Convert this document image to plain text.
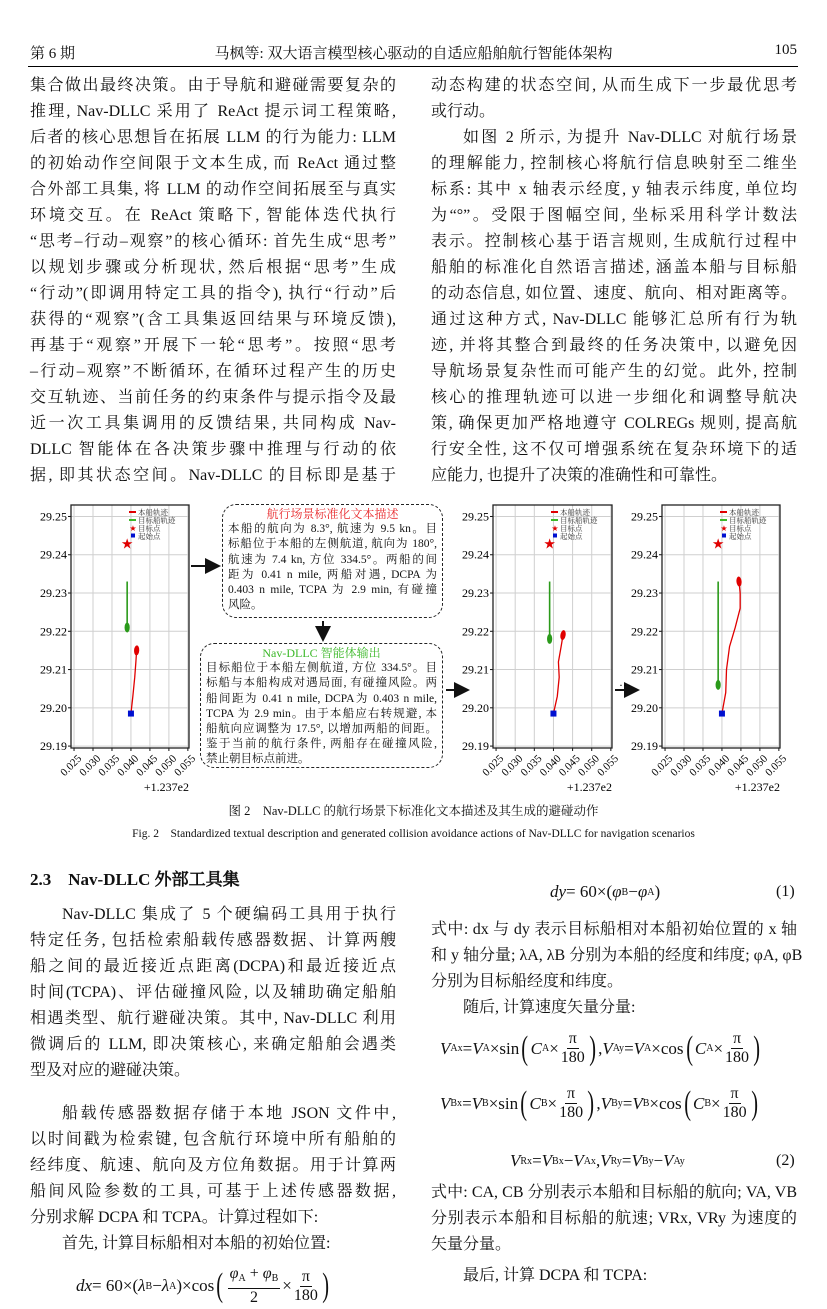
第 6 期	马枫等: 双大语言模型核心驱动的自适应船舶航行智能体架构	105
集合做出最终决策。由于导航和避碰需要复杂的
推理, Nav-DLLC 采用了 ReAct 提示词工程策略,
后者的核心思想旨在拓展 LLM 的行为能力: LLM
的初始动作空间限于文本生成, 而 ReAct 通过整
合外部工具集, 将 LLM 的动作空间拓展至与真实
环境交互。在 ReAct 策略下, 智能体迭代执行
“思考–行动–观察”的核心循环: 首先生成“思考”
以规划步骤或分析现状, 然后根据“思考”生成
“行动”(即调用特定工具的指令), 执行“行动”后
获得的“观察”(含工具集返回结果与环境反馈),
再基于“观察”开展下一轮“思考”。按照“思考
–行动–观察”不断循环, 在循环过程产生的历史
交互轨迹、当前任务的约束条件与提示指令及最
近一次工具集调用的反馈结果, 共同构成 Nav-
DLLC 智能体在各决策步骤中推理与行动的依
据, 即其状态空间。Nav-DLLC 的目标即是基于
动态构建的状态空间, 从而生成下一步最优思考
或行动。
如图 2 所示, 为提升 Nav-DLLC 对航行场景
的理解能力, 控制核心将航行信息映射至二维坐
标系: 其中 x 轴表示经度, y 轴表示纬度, 单位均
为“°”。受限于图幅空间, 坐标采用科学计数法
表示。控制核心基于语言规则, 生成航行过程中
船舶的标准化自然语言描述, 涵盖本船与目标船
的动态信息, 如位置、速度、航向、相对距离等。
通过这种方式, Nav-DLLC 能够汇总所有行为轨
迹, 并将其整合到最终的任务决策中, 以避免因
导航场景复杂性而可能产生的幻觉。此外, 控制
核心的推理轨迹可以进一步细化和调整导航决
策, 确保更加严格地遵守 COLREGs 规则, 提高航
行安全性, 这不仅可增强系统在复杂环境下的适
应能力, 也提升了决策的准确性和可靠性。
…
0.025
0.030
0.035
0.040
0.045
0.050
0.055
29.19
29.20
29.21
29.22
29.23
29.24
29.25
+1.237e2
本船轨迹
目标船轨迹
★
★ 目标点
起始点
0.025
0.030
0.035
0.040
0.045
0.050
0.055
29.19
29.20
29.21
29.22
29.23
29.24
29.25
+1.237e2
本船轨迹
目标船轨迹
★
★ 目标点
起始点
0.025
0.030
0.035
0.040
0.045
0.050
0.055
29.19
29.20
29.21
29.22
29.23
29.24
29.25
+1.237e2
本船轨迹
目标船轨迹
★
★ 目标点
起始点
航行场景标准化文本描述
本船的航向为 8.3°, 航速为 9.5 kn。目
标船位于本船的左侧航道, 航向为 180°,
航速为 7.4 kn, 方位 334.5°。两船的间
距为 0.41 n mile, 两船对遇, DCPA 为
0.403 n mile, TCPA 为 2.9 min, 有碰撞
风险。
Nav-DLLC 智能体输出
目标船位于本船左侧航道, 方位 334.5°。目
标船与本船构成对遇局面, 有碰撞风险。两
船间距为 0.41 n mile, DCPA为 0.403 n mile,
TCPA 为 2.9 min。由于本船应右转规避, 本
船航向应调整为 17.5°, 以增加两船的间距。
鉴于当前的航行条件, 两船存在碰撞风险,
禁止朝目标点前进。
图 2　Nav-DLLC 的航行场景下标准化文本描述及其生成的避碰动作
Fig. 2　Standardized textual description and generated collision avoidance actions of Nav-DLLC for navigation scenarios
2.3　Nav-DLLC 外部工具集
Nav-DLLC 集成了 5 个硬编码工具用于执行
特定任务, 包括检索船载传感器数据、计算两艘
船之间的最近接近点距离(DCPA)和最近接近点
时间(TCPA)、评估碰撞风险, 以及辅助确定船舶
相遇类型、航行避碰决策。其中, Nav-DLLC 利用
微调后的 LLM, 即决策核心, 来确定船舶会遇类
型及对应的避碰决策。
船载传感器数据存储于本地 JSON 文件中,
以时间戳为检索键, 包含航行环境中所有船舶的
经纬度、航速、航向及方位角数据。用于计算两
船间风险参数的工具, 可基于上述传感器数据,
分别求解 DCPA 和 TCPA。计算过程如下:
首先, 计算目标船相对本船的初始位置:
dx = 60×( λ B − λ A )×cos ( $\frac{\varphi_A + \varphi_B}{2} \times \frac{\pi}{180}$ )
dy = 60×( φ B − φ A )	(1)
式中: dx 与 dy 表示目标船相对本船初始位置的 x 轴
和 y 轴分量; λA, λB 分别为本船的经度和纬度; φA, φB
分别为目标船经度和纬度。
随后, 计算速度矢量分量:
V Ax = V A ×sin ( C $A \times \frac{\pi}{180}$ ) , V Ay = V A ×cos ( C $A \times \frac{\pi}{180}$ )
V Bx = V B ×sin ( C $B \times \frac{\pi}{180}$ ) , V By = V B ×cos ( C $B \times \frac{\pi}{180}$ )
V Rx = V Bx − V Ax , V Ry = V By − V Ay	(2)
式中: CA, CB 分别表示本船和目标船的航向; VA, VB
分别表示本船和目标船的航速; VRx, VRy 为速度的
矢量分量。
最后, 计算 DCPA 和 TCPA:
